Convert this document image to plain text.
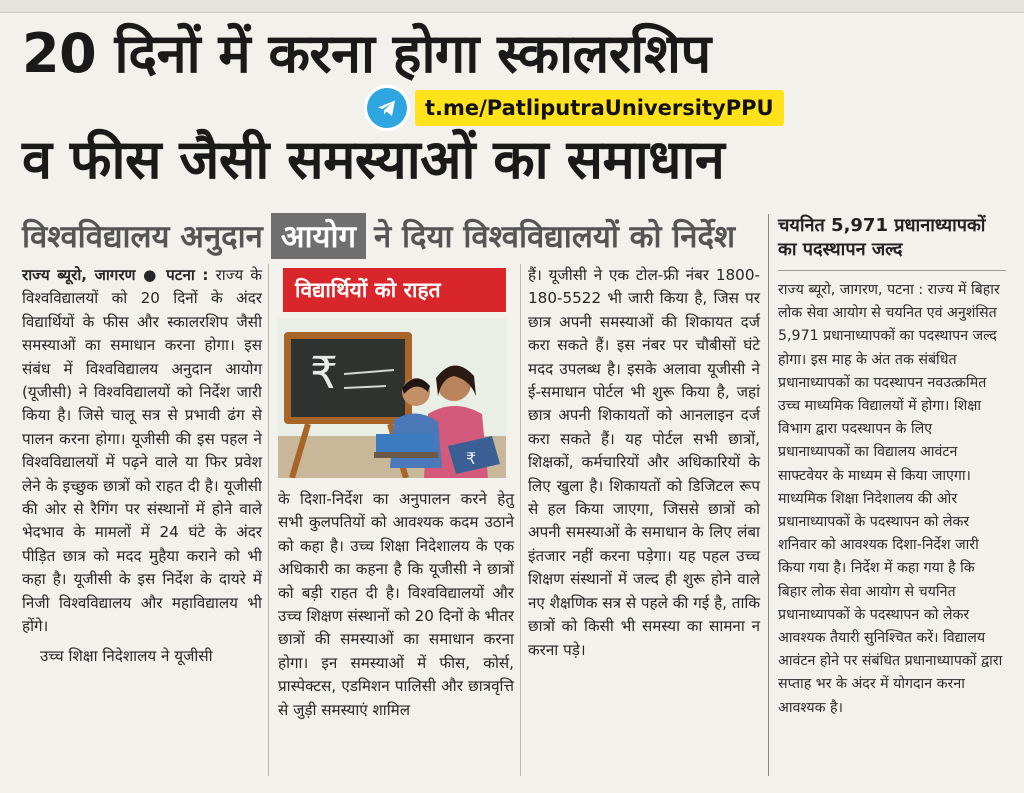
20 दिनों में करना होगा स्कालरशिप
t.me/PatliputraUniversityPPU
व फीस जैसी समस्याओं का समाधान
विश्वविद्यालय अनुदान आयोग ने दिया विश्वविद्यालयों को निर्देश

राज्य ब्यूरो, जागरण ● पटना : राज्य के विश्वविद्यालयों को 20 दिनों के अंदर विद्यार्थियों के फीस और स्कालरशिप जैसी समस्याओं का समाधान करना होगा। इस संबंध में विश्वविद्यालय अनुदान आयोग (यूजीसी) ने विश्वविद्यालयों को निर्देश जारी किया है। जिसे चालू सत्र से प्रभावी ढंग से पालन करना होगा। यूजीसी की इस पहल ने विश्वविद्यालयों में पढ़ने वाले या फिर प्रवेश लेने के इच्छुक छात्रों को राहत दी है। यूजीसी की ओर से रैगिंग पर संस्थानों में होने वाले भेदभाव के मामलों में 24 घंटे के अंदर पीड़ित छात्र को मदद मुहैया कराने को भी कहा है। यूजीसी के इस निर्देश के दायरे में निजी विश्वविद्यालय और महाविद्यालय भी होंगे।

उच्च शिक्षा निदेशालय ने यूजीसी

विद्यार्थियों को राहत
₹
₹

के दिशा-निर्देश का अनुपालन करने हेतु सभी कुलपतियों को आवश्यक कदम उठाने को कहा है। उच्च शिक्षा निदेशालय के एक अधिकारी का कहना है कि यूजीसी ने छात्रों को बड़ी राहत दी है। विश्वविद्यालयों और उच्च शिक्षण संस्थानों को 20 दिनों के भीतर छात्रों की समस्याओं का समाधान करना होगा। इन समस्याओं में फीस, कोर्स, प्रास्पेक्टस, एडमिशन पालिसी और छात्रवृत्ति से जुड़ी समस्याएं शामिल

हैं। यूजीसी ने एक टोल-फ्री नंबर 1800-180-5522 भी जारी किया है, जिस पर छात्र अपनी समस्याओं की शिकायत दर्ज करा सकते हैं। इस नंबर पर चौबीसों घंटे मदद उपलब्ध है। इसके अलावा यूजीसी ने ई-समाधान पोर्टल भी शुरू किया है, जहां छात्र अपनी शिकायतों को आनलाइन दर्ज करा सकते हैं। यह पोर्टल सभी छात्रों, शिक्षकों, कर्मचारियों और अधिकारियों के लिए खुला है। शिकायतों को डिजिटल रूप से हल किया जाएगा, जिससे छात्रों को अपनी समस्याओं के समाधान के लिए लंबा इंतजार नहीं करना पड़ेगा। यह पहल उच्च शिक्षण संस्थानों में जल्द ही शुरू होने वाले नए शैक्षणिक सत्र से पहले की गई है, ताकि छात्रों को किसी भी समस्या का सामना न करना पड़े।

चयनित 5,971 प्रधानाध्यापकों का पदस्थापन जल्द

राज्य ब्यूरो, जागरण, पटना : राज्य में बिहार लोक सेवा आयोग से चयनित एवं अनुशंसित 5,971 प्रधानाध्यापकों का पदस्थापन जल्द होगा। इस माह के अंत तक संबंधित प्रधानाध्यापकों का पदस्थापन नवउत्क्रमित उच्च माध्यमिक विद्यालयों में होगा। शिक्षा विभाग द्वारा पदस्थापन के लिए प्रधानाध्यापकों का विद्यालय आवंटन साफ्टवेयर के माध्यम से किया जाएगा। माध्यमिक शिक्षा निदेशालय की ओर प्रधानाध्यापकों के पदस्थापन को लेकर शनिवार को आवश्यक दिशा-निर्देश जारी किया गया है। निर्देश में कहा गया है कि बिहार लोक सेवा आयोग से चयनित प्रधानाध्यापकों के पदस्थापन को लेकर आवश्यक तैयारी सुनिश्चित करें। विद्यालय आवंटन होने पर संबंधित प्रधानाध्यापकों द्वारा सप्ताह भर के अंदर में योगदान करना आवश्यक है।
